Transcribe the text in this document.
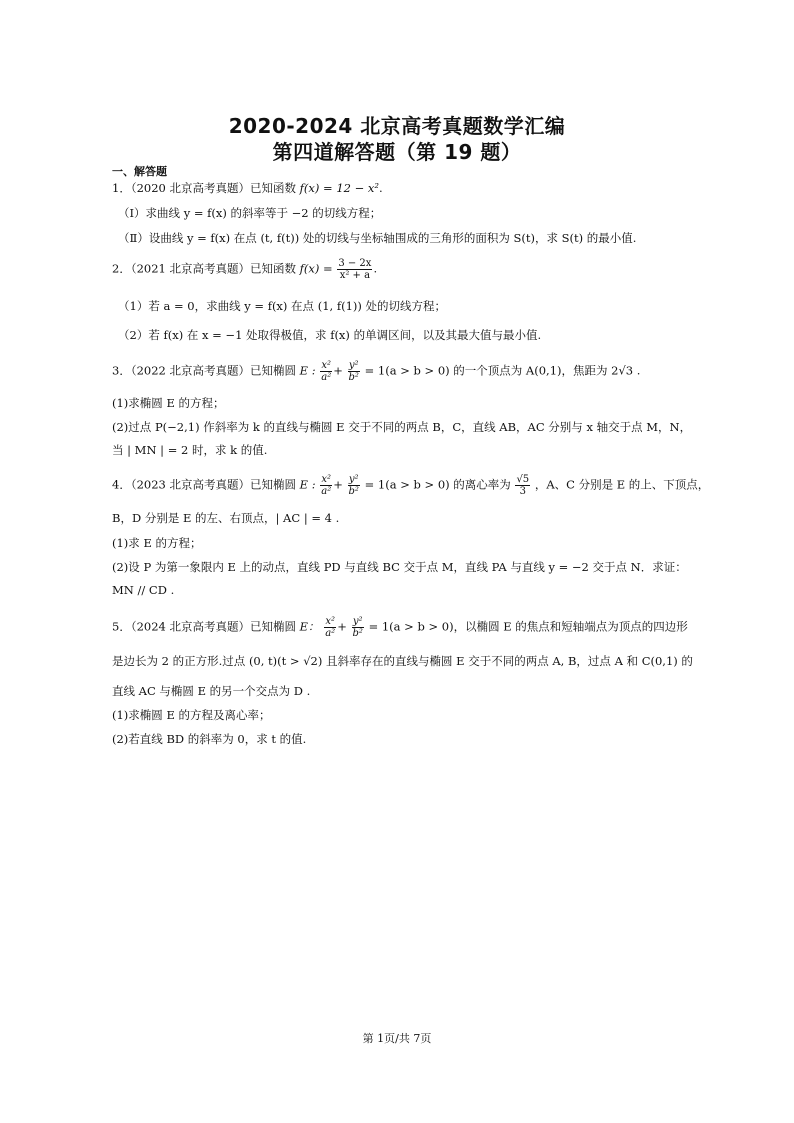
2020-2024 北京高考真题数学汇编
第四道解答题（第 19 题）
一、解答题
1．（2020 北京高考真题）已知函数 f(x) = 12 − x².
（Ⅰ）求曲线 y = f(x) 的斜率等于 −2 的切线方程；
（Ⅱ）设曲线 y = f(x) 在点 (t, f(t)) 处的切线与坐标轴围成的三角形的面积为 S(t)，求 S(t) 的最小值.
2．（2021 北京高考真题）已知函数 $f(x) = \frac{3 - 2x}{\text{x² + a}}$ .
（1）若 a = 0，求曲线 y = f(x) 在点 (1, f(1)) 处的切线方程；
（2）若 f(x) 在 x = −1 处取得极值，求 f(x) 的单调区间，以及其最大值与最小值.
3．（2022 北京高考真题）已知椭圆 E : $\frac{\text{x²}}{\text{a²}} + \frac{\text{y²}}{\text{b²}} = 1(a > b > 0)$ 的一个顶点为 A(0,1)，焦距为 2√3 .
(1)求椭圆 E 的方程；
(2)过点 P(−2,1) 作斜率为 k 的直线与椭圆 E 交于不同的两点 B，C，直线 AB，AC 分别与 x 轴交于点 M，N，
当 | MN | = 2 时，求 k 的值.
4．（2023 北京高考真题）已知椭圆 E : $\frac{\text{x²}}{\text{a²}} + \frac{\text{y²}}{\text{b²}} = 1(a > b > 0)$ 的离心率为 $\frac{√5}{3}$ ，A、C 分别是 E 的上、下顶点，
B，D 分别是 E 的左、右顶点，| AC | = 4 .
(1)求 E 的方程；
(2)设 P 为第一象限内 E 上的动点，直线 PD 与直线 BC 交于点 M，直线 PA 与直线 y = −2 交于点 N．求证：
MN // CD .
5．（2024 北京高考真题）已知椭圆 E： $\frac{\text{x²}}{\text{a²}} + \frac{\text{y²}}{\text{b²}} = 1(a > b > 0)$，以椭圆 E 的焦点和短轴端点为顶点的四边形
是边长为 2 的正方形.过点 (0, t)(t > √2) 且斜率存在的直线与椭圆 E 交于不同的两点 A, B，过点 A 和 C(0,1) 的
直线 AC 与椭圆 E 的另一个交点为 D .
(1)求椭圆 E 的方程及离心率；
(2)若直线 BD 的斜率为 0，求 t 的值.
第 1页/共 7页
